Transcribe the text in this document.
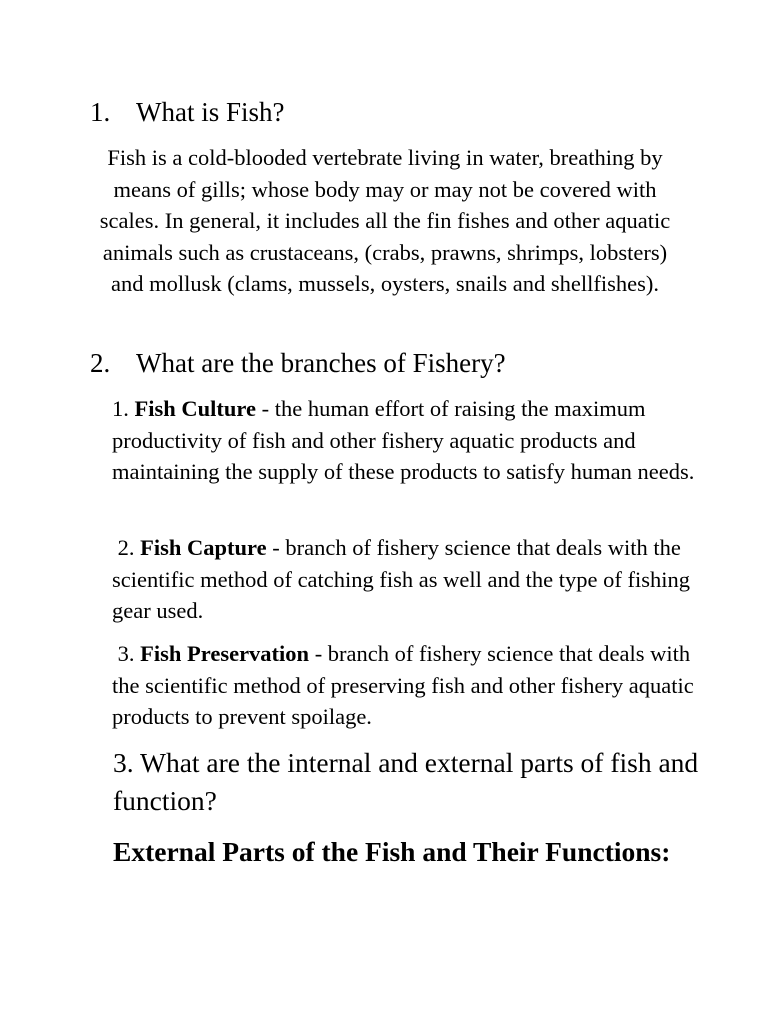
1. What is Fish?
Fish is a cold-blooded vertebrate living in water, breathing by means of gills; whose body may or may not be covered with scales. In general, it includes all the fin fishes and other aquatic animals such as crustaceans, (crabs, prawns, shrimps, lobsters) and mollusk (clams, mussels, oysters, snails and shellfishes).
2. What are the branches of Fishery?
1. Fish Culture - the human effort of raising the maximum productivity of fish and other fishery aquatic products and maintaining the supply of these products to satisfy human needs.
2. Fish Capture - branch of fishery science that deals with the scientific method of catching fish as well and the type of fishing gear used.
3. Fish Preservation - branch of fishery science that deals with the scientific method of preserving fish and other fishery aquatic products to prevent spoilage.
3. What are the internal and external parts of fish and function?
External Parts of the Fish and Their Functions:
